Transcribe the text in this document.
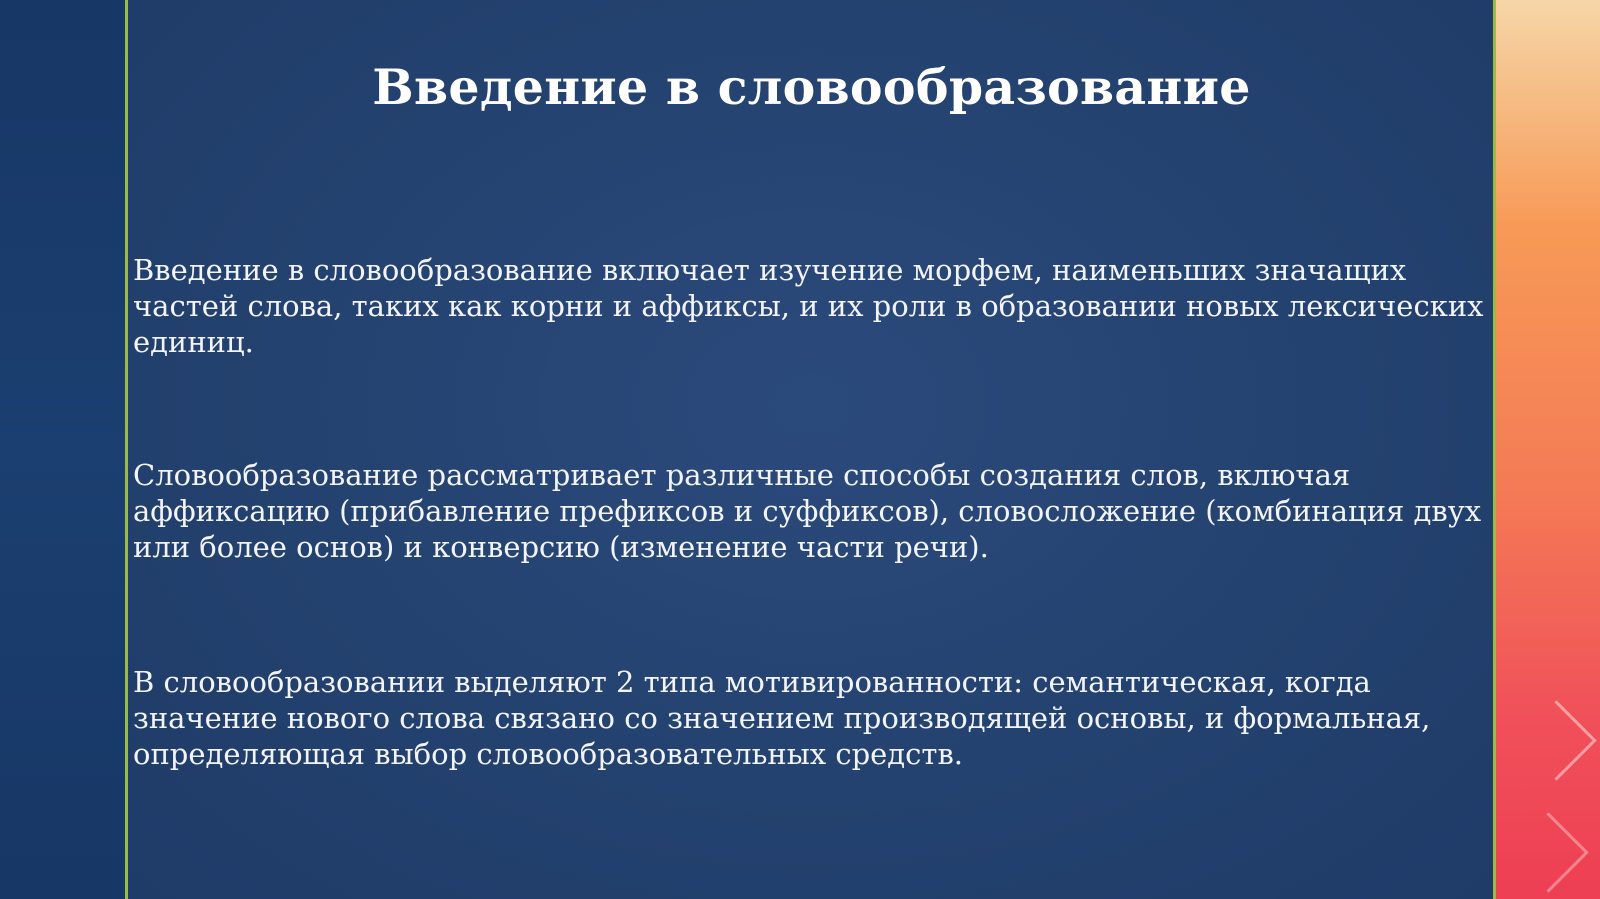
Введение в словообразование

Введение в словообразование включает изучение морфем, наименьших значащих частей слова, таких как корни и аффиксы, и их роли в образовании новых лексических единиц.

Словообразование рассматривает различные способы создания слов, включая аффиксацию (прибавление префиксов и суффиксов), словосложение (комбинация двух или более основ) и конверсию (изменение части речи).

В словообразовании выделяют 2 типа мотивированности: семантическая, когда значение нового слова связано со значением производящей основы, и формальная, определяющая выбор словообразовательных средств.
